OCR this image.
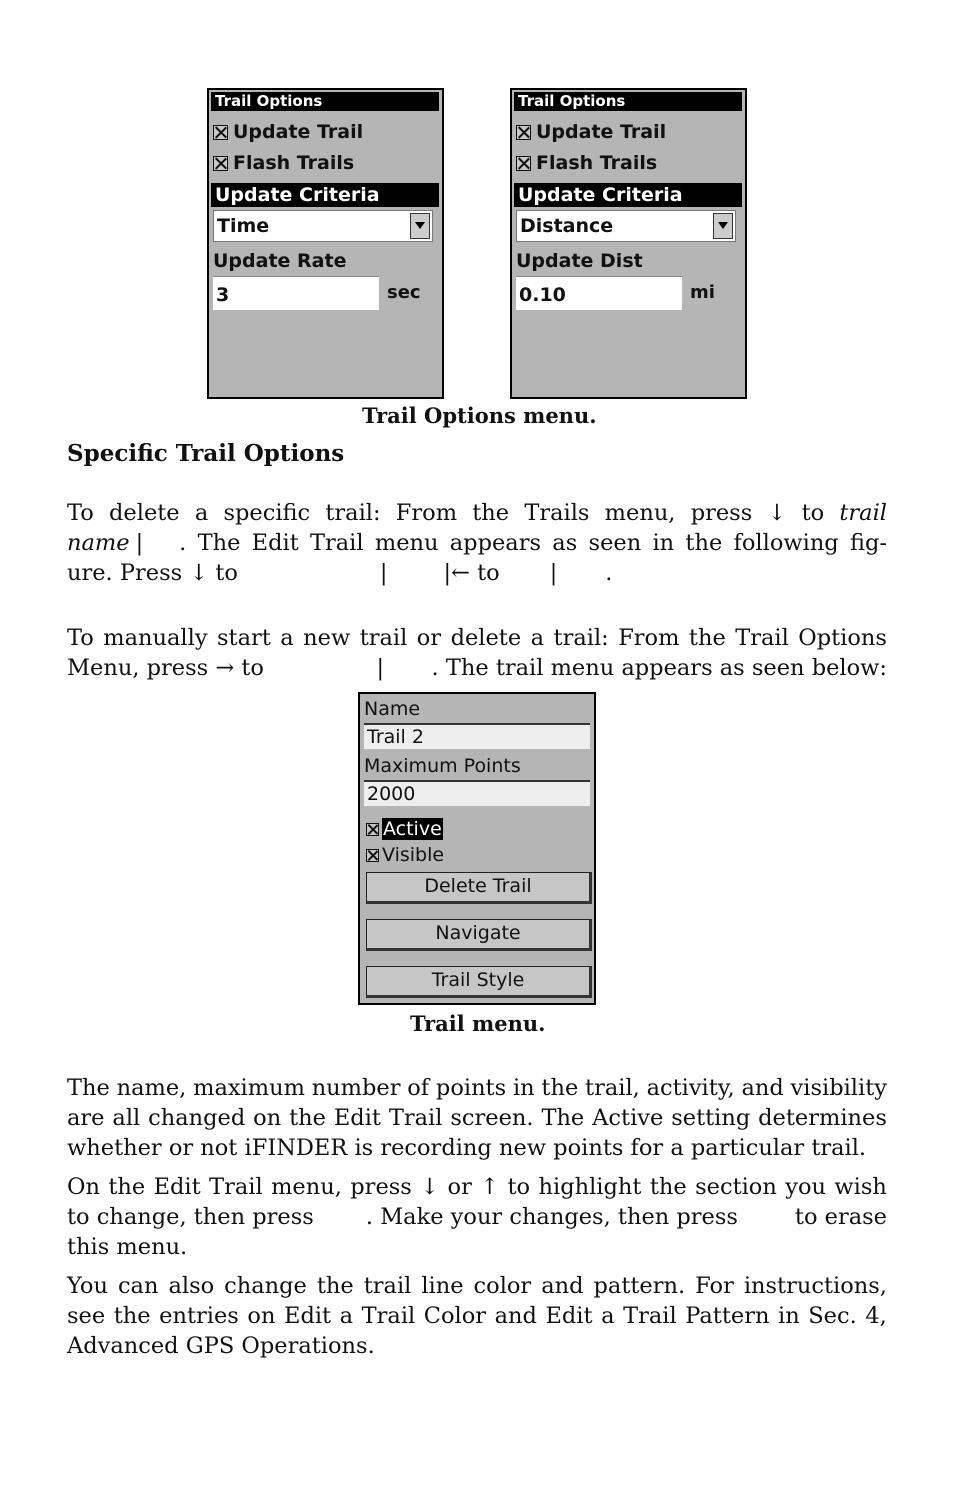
Trail Options
Update Trail
Flash Trails
Update Criteria
Time
Update Rate
3	sec
Trail Options
Update Trail
Flash Trails
Update Criteria
Distance
Update Dist
0.10	mi
Trail Options menu.
Specific Trail Options
To delete a specific trail: From the Trails menu, press ↓ to trail
name | . The Edit Trail menu appears as seen in the following fig-
ure. Press ↓ to	| |← to | .
To manually start a new trail or delete a trail: From the Trail Options
Menu, press → to	| . The trail menu appears as seen below:
Name
Trail 2
Maximum Points
2000
Active
Visible
Delete Trail
Navigate
Trail Style
Trail menu.
The name, maximum number of points in the trail, activity, and visibility
are all changed on the Edit Trail screen. The Active setting determines
whether or not iFINDER is recording new points for a particular trail.
On the Edit Trail menu, press ↓ or ↑ to highlight the section you wish
to change, then press . Make your changes, then press	to erase
this menu.
You can also change the trail line color and pattern. For instructions,
see the entries on Edit a Trail Color and Edit a Trail Pattern in Sec. 4,
Advanced GPS Operations.
